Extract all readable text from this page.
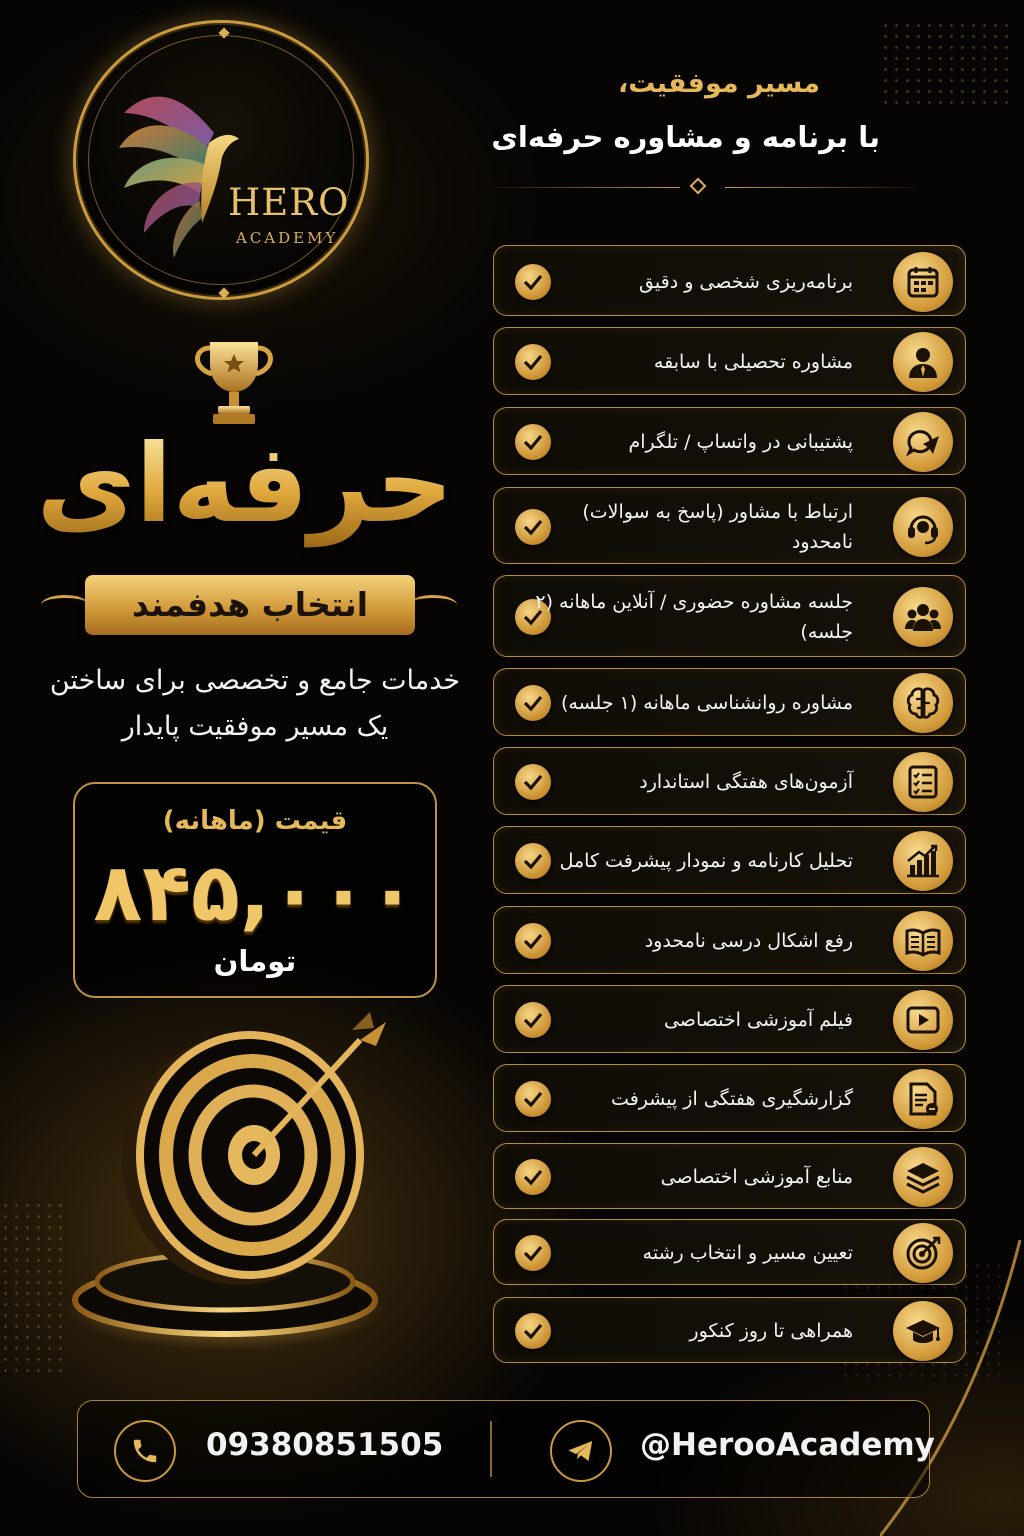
HERO
ACADEMY
حرفه‌ای
انتخاب هدفمند
خدمات جامع و تخصصی برای ساختن
یک مسیر موفقیت پایدار
قیمت (ماهانه)
۸۴۵,۰۰۰
تومان
مسیر موفقیت،
با برنامه و مشاوره حرفه‌ای
برنامه‌ریزی شخصی و دقیق
مشاوره تحصیلی با سابقه
پشتیبانی در واتساپ / تلگرام
ارتباط با مشاور (پاسخ به سوالات) نامحدود
جلسه مشاوره حضوری / آنلاین ماهانه (۲ جلسه)
مشاوره روانشناسی ماهانه (۱ جلسه)
آزمون‌های هفتگی استاندارد
تحلیل کارنامه و نمودار پیشرفت کامل
رفع اشکال درسی نامحدود
فیلم آموزشی اختصاصی
گزارشگیری هفتگی از پیشرفت
منابع آموزشی اختصاصی
تعیین مسیر و انتخاب رشته
همراهی تا روز کنکور
09380851505	@HerooAcademy
